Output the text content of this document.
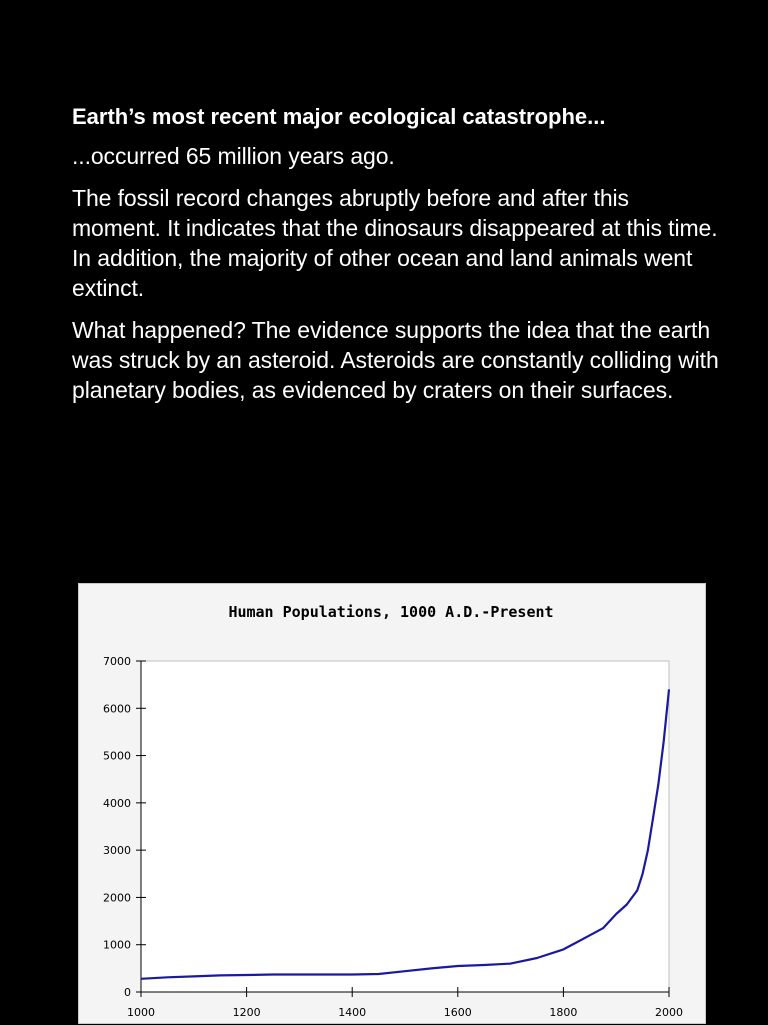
Earth’s most recent major ecological catastrophe...
...occurred 65 million years ago.
The fossil record changes abruptly before and after this moment. It indicates that the dinosaurs disappeared at this time. In addition, the majority of other ocean and land animals went extinct.
What happened? The evidence supports the idea that the earth was struck by an asteroid. Asteroids are constantly colliding with planetary bodies, as evidenced by craters on their surfaces.
Human Populations, 1000 A.D.-Present
0
1000
2000
3000
4000
5000
6000
7000
1000	1200	1400	1600	1800	2000
